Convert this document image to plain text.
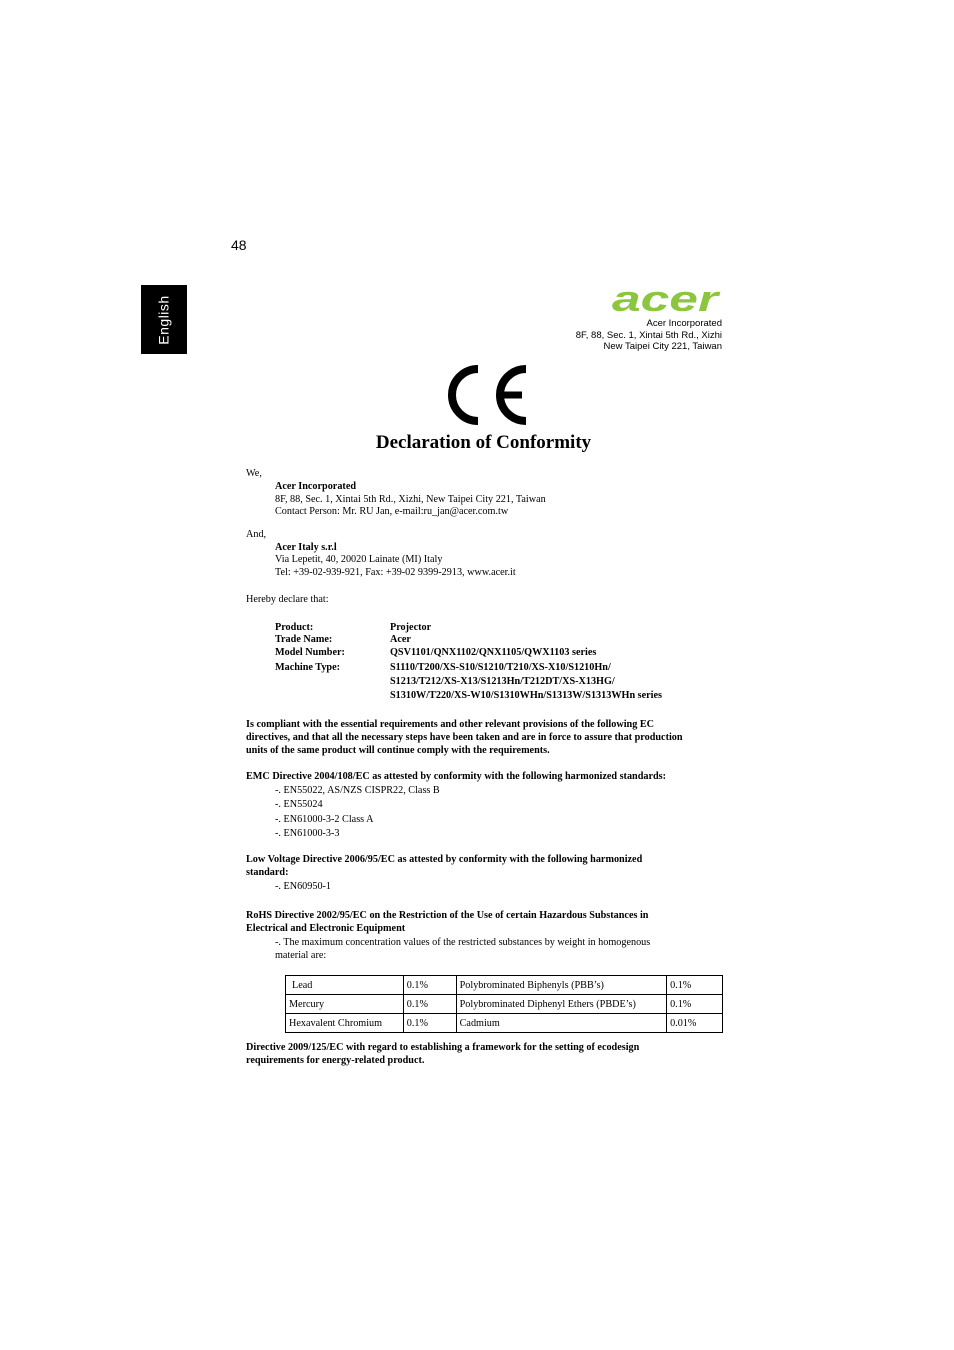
48
English	acer
Acer Incorporated
8F, 88, Sec. 1, Xintai 5th Rd., Xizhi
New Taipei City 221, Taiwan
Declaration of Conformity
We,
Acer Incorporated
8F, 88, Sec. 1, Xintai 5th Rd., Xizhi, New Taipei City 221, Taiwan
Contact Person: Mr. RU Jan, e-mail:ru_jan@acer.com.tw
And,
Acer Italy s.r.l
Via Lepetit, 40, 20020 Lainate (MI) Italy
Tel: +39-02-939-921, Fax: +39-02 9399-2913, www.acer.it
Hereby declare that:
Product:	Projector
Trade Name:	Acer
Model Number:	QSV1101/QNX1102/QNX1105/QWX1103 series
Machine Type:	S1110/T200/XS-S10/S1210/T210/XS-X10/S1210Hn/
S1213/T212/XS-X13/S1213Hn/T212DT/XS-X13HG/
S1310W/T220/XS-W10/S1310WHn/S1313W/S1313WHn series
Is compliant with the essential requirements and other relevant provisions of the following EC
directives, and that all the necessary steps have been taken and are in force to assure that production
units of the same product will continue comply with the requirements.
EMC Directive 2004/108/EC as attested by conformity with the following harmonized standards:
-. EN55022, AS/NZS CISPR22, Class B
-. EN55024
-. EN61000-3-2 Class A
-. EN61000-3-3
Low Voltage Directive 2006/95/EC as attested by conformity with the following harmonized
standard:
-. EN60950-1
RoHS Directive 2002/95/EC on the Restriction of the Use of certain Hazardous Substances in
Electrical and Electronic Equipment
-. The maximum concentration values of the restricted substances by weight in homogenous
material are:
Lead	0.1%	Polybrominated Biphenyls (PBB’s)	0.1%
Mercury	0.1%	Polybrominated Diphenyl Ethers (PBDE’s)	0.1%
Hexavalent Chromium	0.1%	Cadmium	0.01%
Directive 2009/125/EC with regard to establishing a framework for the setting of ecodesign
requirements for energy-related product.
